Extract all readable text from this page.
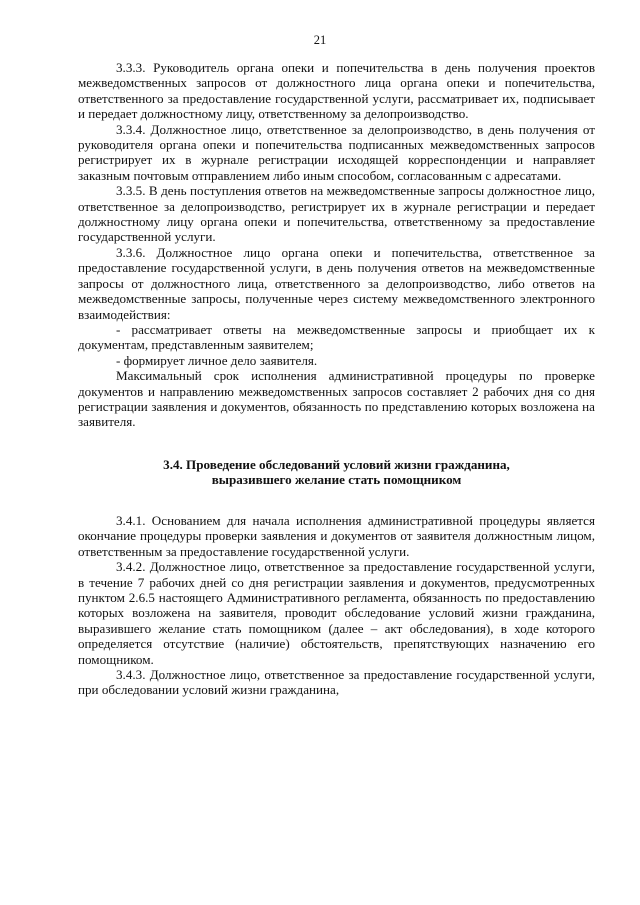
21

3.3.3. Руководитель органа опеки и попечительства в день получения проектов межведомственных запросов от должностного лица органа опеки и попечительства, ответственного за предоставление государственной услуги, рассматривает их, подписывает и передает должностному лицу, ответственному за делопроизводство.

3.3.4. Должностное лицо, ответственное за делопроизводство, в день получения от руководителя органа опеки и попечительства подписанных межведомственных запросов регистрирует их в журнале регистрации исходящей корреспонденции и направляет заказным почтовым отправлением либо иным способом, согласованным с адресатами.

3.3.5. В день поступления ответов на межведомственные запросы должностное лицо, ответственное за делопроизводство, регистрирует их в журнале регистрации и передает должностному лицу органа опеки и попечительства, ответственному за предоставление государственной услуги.

3.3.6. Должностное лицо органа опеки и попечительства, ответственное за предоставление государственной услуги, в день получения ответов на межведомственные запросы от должностного лица, ответственного за делопроизводство, либо ответов на межведомственные запросы, полученные через систему межведомственного электронного взаимодействия:

- рассматривает ответы на межведомственные запросы и приобщает их к документам, представленным заявителем;

- формирует личное дело заявителя.

Максимальный срок исполнения административной процедуры по проверке документов и направлению межведомственных запросов составляет 2 рабочих дня со дня регистрации заявления и документов, обязанность по представлению которых возложена на заявителя.

3.4. Проведение обследований условий жизни гражданина,
выразившего желание стать помощником

3.4.1. Основанием для начала исполнения административной процедуры является окончание процедуры проверки заявления и документов от заявителя должностным лицом, ответственным за предоставление государственной услуги.

3.4.2. Должностное лицо, ответственное за предоставление государственной услуги, в течение 7 рабочих дней со дня регистрации заявления и документов, предусмотренных пунктом 2.6.5 настоящего Административного регламента, обязанность по предоставлению которых возложена на заявителя, проводит обследование условий жизни гражданина, выразившего желание стать помощником (далее – акт обследования), в ходе которого определяется отсутствие (наличие) обстоятельств, препятствующих назначению его помощником.

3.4.3. Должностное лицо, ответственное за предоставление государственной услуги, при обследовании условий жизни гражданина,
